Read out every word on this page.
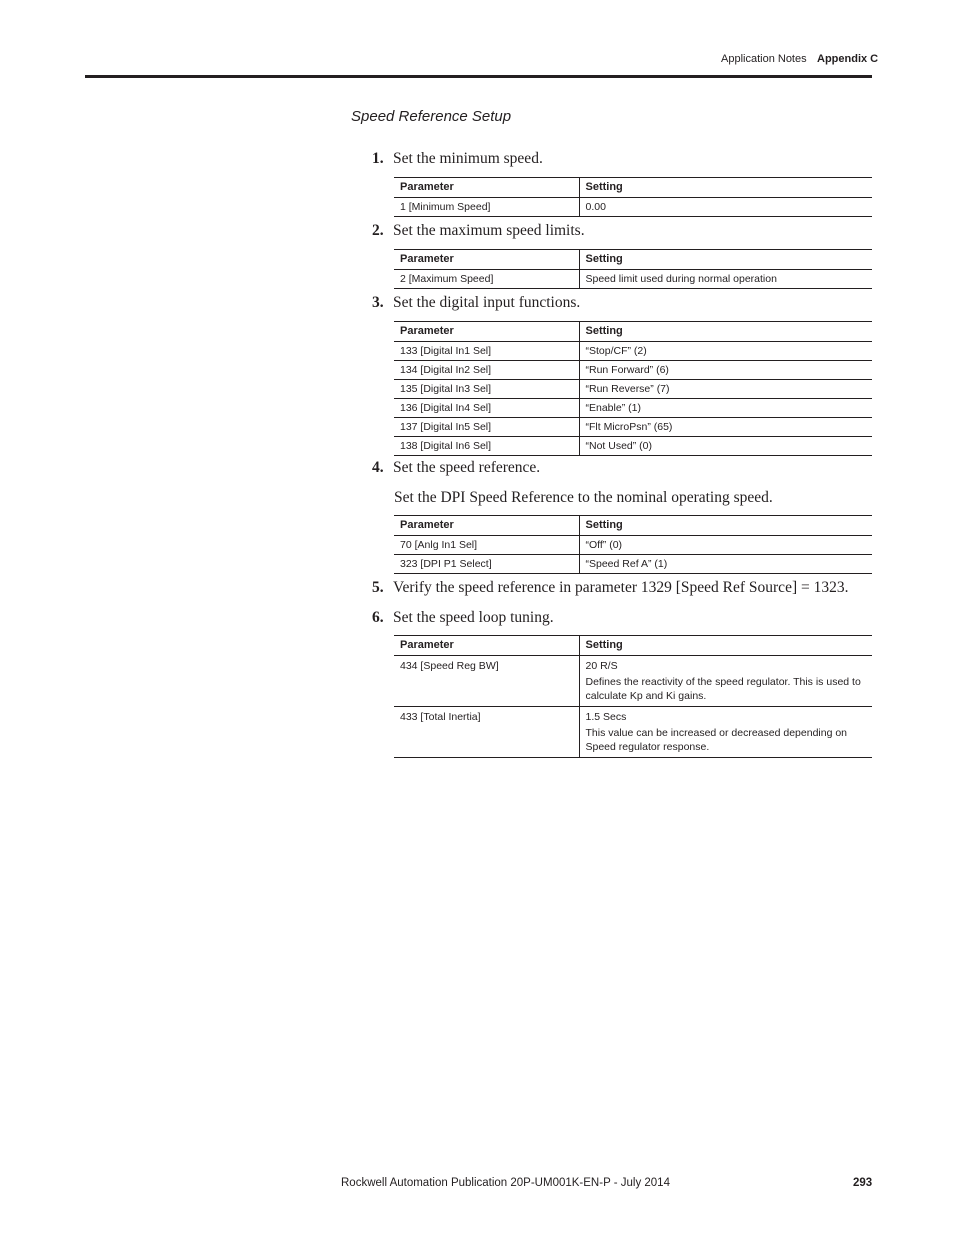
Application Notes Appendix C
Speed Reference Setup
1. Set the minimum speed.
Parameter	Setting
1 [Minimum Speed]	0.00
2. Set the maximum speed limits.
Parameter	Setting
2 [Maximum Speed]	Speed limit used during normal operation
3. Set the digital input functions.
Parameter	Setting
133 [Digital In1 Sel]	“Stop/CF” (2)
134 [Digital In2 Sel]	“Run Forward” (6)
135 [Digital In3 Sel]	“Run Reverse” (7)
136 [Digital In4 Sel]	“Enable” (1)
137 [Digital In5 Sel]	“Flt MicroPsn” (65)
138 [Digital In6 Sel]	“Not Used” (0)
4. Set the speed reference.
Set the DPI Speed Reference to the nominal operating speed.
Parameter	Setting
70 [Anlg In1 Sel]	“Off” (0)
323 [DPI P1 Select]	“Speed Ref A” (1)
5. Verify the speed reference in parameter 1329 [Speed Ref Source] = 1323.
6. Set the speed loop tuning.
Parameter	Setting
434 [Speed Reg BW]	20 R/S
Defines the reactivity of the speed regulator. This is used to calculate Kp and Ki gains.

433 [Total Inertia]	1.5 Secs
This value can be increased or decreased depending on Speed regulator response.
Rockwell Automation Publication 20P-UM001K-EN-P - July 2014	293
